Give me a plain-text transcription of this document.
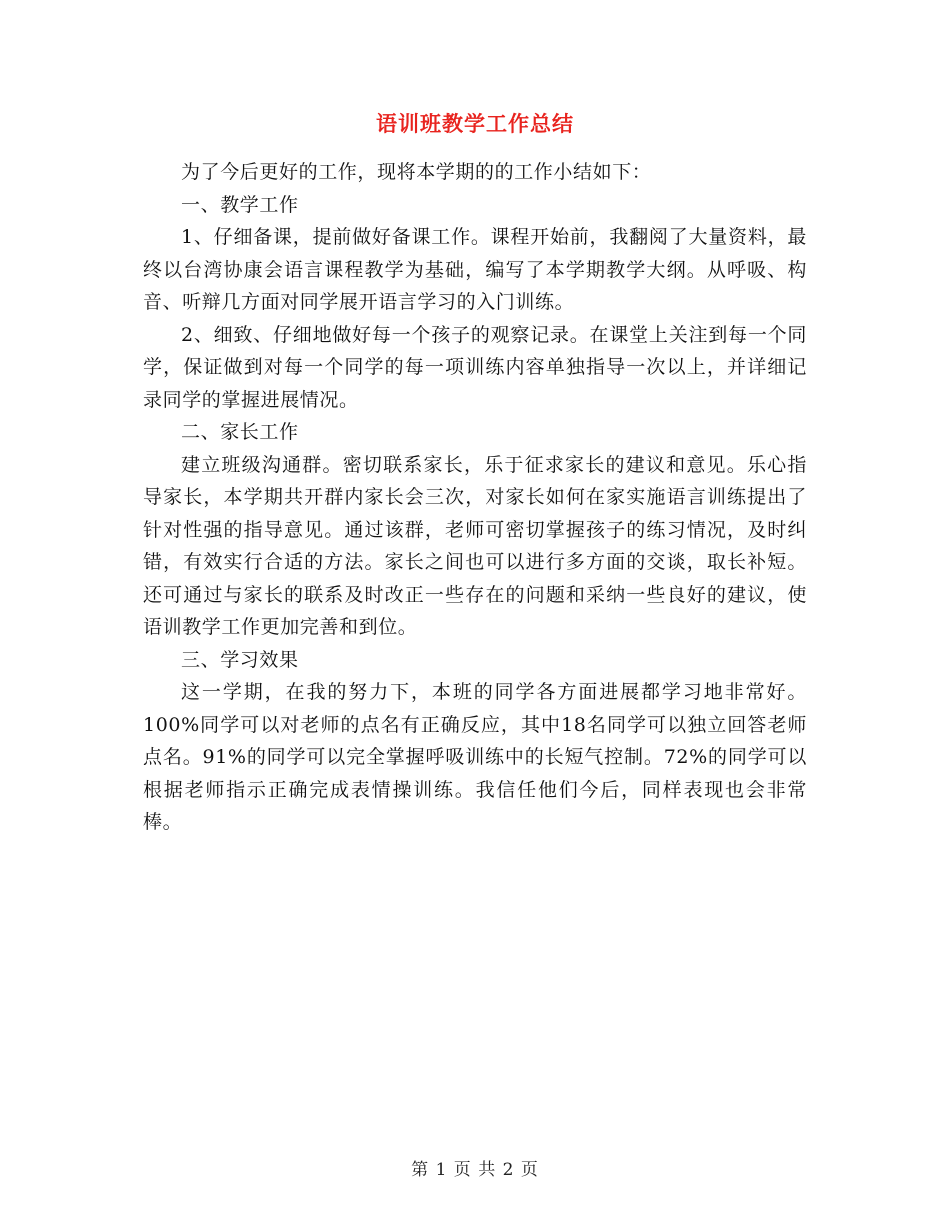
语训班教学工作总结

为了今后更好的工作，现将本学期的的工作小结如下：

一、教学工作

1、仔细备课，提前做好备课工作。课程开始前，我翻阅了大量资料，最终以台湾协康会语言课程教学为基础，编写了本学期教学大纲。从呼吸、构音、听辩几方面对同学展开语言学习的入门训练。

2、细致、仔细地做好每一个孩子的观察记录。在课堂上关注到每一个同学，保证做到对每一个同学的每一项训练内容单独指导一次以上，并详细记录同学的掌握进展情况。

二、家长工作

建立班级沟通群。密切联系家长，乐于征求家长的建议和意见。乐心指导家长，本学期共开群内家长会三次，对家长如何在家实施语言训练提出了针对性强的指导意见。通过该群，老师可密切掌握孩子的练习情况，及时纠错，有效实行合适的方法。家长之间也可以进行多方面的交谈，取长补短。还可通过与家长的联系及时改正一些存在的问题和采纳一些良好的建议，使语训教学工作更加完善和到位。

三、学习效果

这一学期，在我的努力下，本班的同学各方面进展都学习地非常好。100%同学可以对老师的点名有正确反应，其中18名同学可以独立回答老师点名。91%的同学可以完全掌握呼吸训练中的长短气控制。72%的同学可以根据老师指示正确完成表情操训练。我信任他们今后，同样表现也会非常棒。

第 1 页 共 2 页
